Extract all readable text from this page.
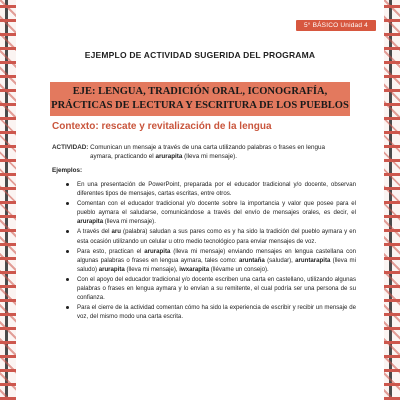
5° BÁSICO Unidad 4
EJEMPLO DE ACTIVIDAD SUGERIDA DEL PROGRAMA
EJE: LENGUA, TRADICIÓN ORAL, ICONOGRAFÍA,
PRÁCTICAS DE LECTURA Y ESCRITURA DE LOS PUEBLOS
Contexto: rescate y revitalización de la lengua
ACTIVIDAD: Comunican un mensaje a través de una carta utilizando palabras o frases en lengua
aymara, practicando el arurapita (lleva mi mensaje).
Ejemplos:
En una presentación de PowerPoint, preparada por el educador tradicional y/o docente, observan diferentes tipos de mensajes, cartas escritas, entre otros.
Comentan con el educador tradicional y/o docente sobre la importancia y valor que posee para el pueblo aymara el saludarse, comunicándose a través del envío de mensajes orales, es decir, el arurapita (lleva mi mensaje).
A través del aru (palabra) saludan a sus pares como es y ha sido la tradición del pueblo aymara y en esta ocasión utilizando un celular u otro medio tecnológico para enviar mensajes de voz.
Para esto, practican el arurapita (lleva mi mensaje) enviando mensajes en lengua castellana con algunas palabras o frases en lengua aymara, tales como: aruntaña (saludar), aruntarapita (lleva mi saludo) arurapita (lleva mi mensaje), iwxarapita (llévame un consejo).
Con el apoyo del educador tradicional y/o docente escriben una carta en castellano, utilizando algunas palabras o frases en lengua aymara y lo envían a su remitente, el cual podría ser una persona de su confianza.
Para el cierre de la actividad comentan cómo ha sido la experiencia de escribir y recibir un mensaje de voz, del mismo modo una carta escrita.
